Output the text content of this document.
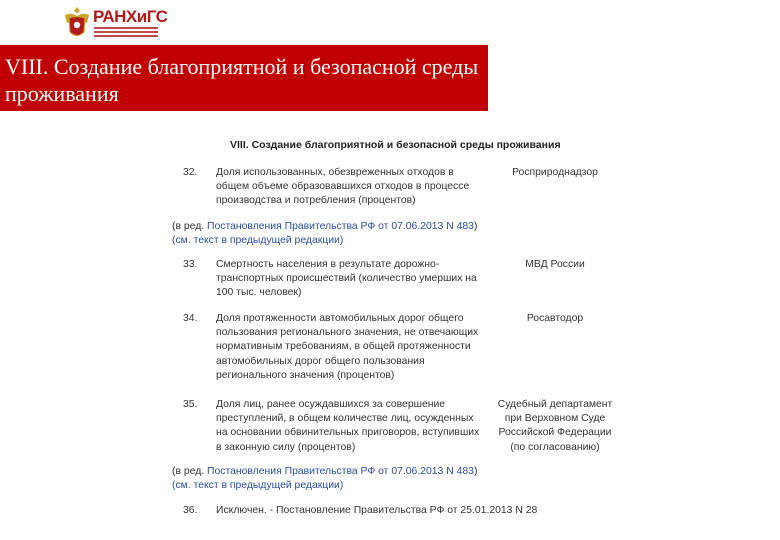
РАНХиГС
VIII. Создание благоприятной и безопасной среды проживания
VIII. Создание благоприятной и безопасной среды проживания
32. Доля использованных, обезвреженных отходов в общем объеме образовавшихся отходов в процессе производства и потребления (процентов)
Росприроднадзор
(в ред. Постановления Правительства РФ от 07.06.2013 N 483)
(см. текст в предыдущей редакции)
33. Смертность населения в результате дорожно-транспортных происшествий (количество умерших на 100 тыс. человек)
МВД России
34. Доля протяженности автомобильных дорог общего пользования регионального значения, не отвечающих нормативным требованиям, в общей протяженности автомобильных дорог общего пользования регионального значения (процентов)
Росавтодор
35. Доля лиц, ранее осуждавшихся за совершение преступлений, в общем количестве лиц, осужденных на основании обвинительных приговоров, вступивших в законную силу (процентов)
Судебный департамент при Верховном Суде Российской Федерации (по согласованию)
(в ред. Постановления Правительства РФ от 07.06.2013 N 483)
(см. текст в предыдущей редакции)
36. Исключен. - Постановление Правительства РФ от 25.01.2013 N 28
